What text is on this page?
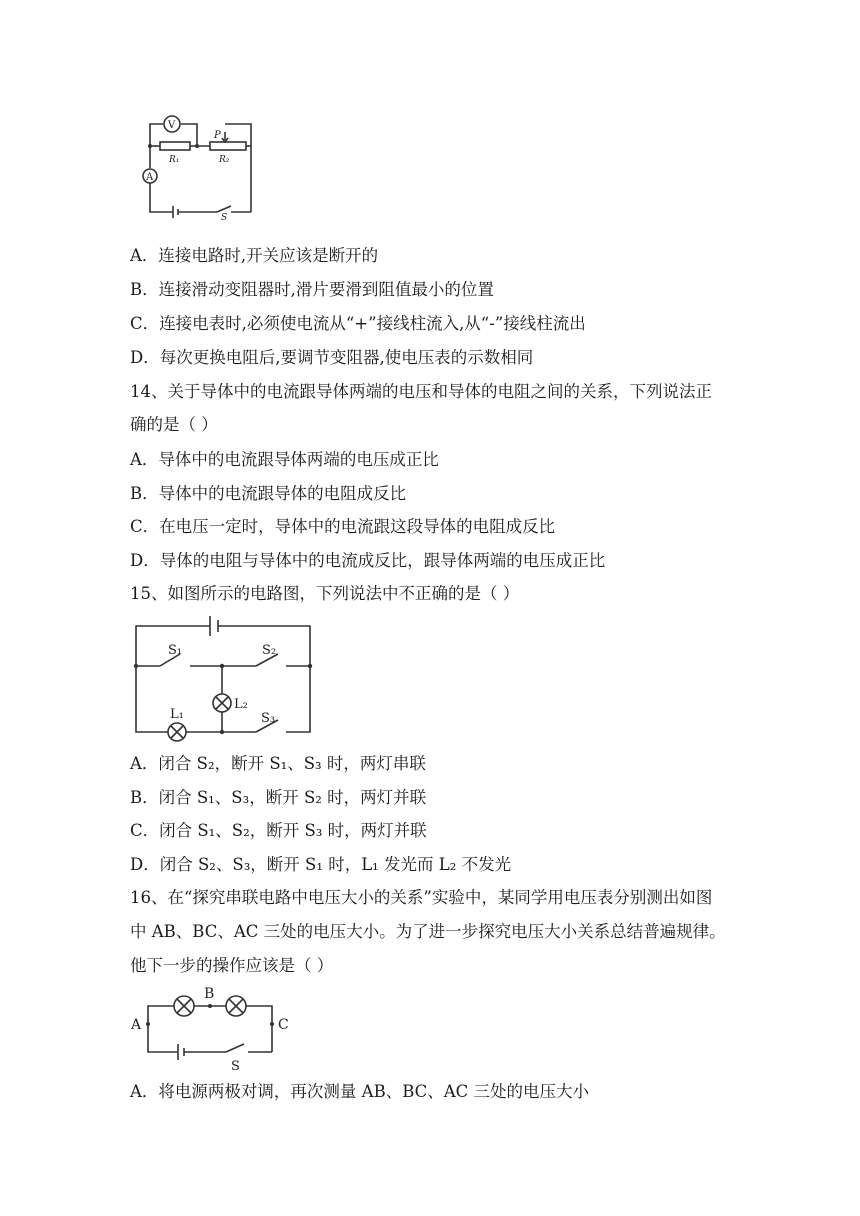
V
P
R₁	R₂
A
S
A．连接电路时,开关应该是断开的
B．连接滑动变阻器时,滑片要滑到阻值最小的位置
C．连接电表时,必须使电流从“+”接线柱流入,从“-”接线柱流出
D．每次更换电阻后,要调节变阻器,使电压表的示数相同
14、关于导体中的电流跟导体两端的电压和导体的电阻之间的关系，下列说法正
确的是（ ）
A．导体中的电流跟导体两端的电压成正比
B．导体中的电流跟导体的电阻成反比
C．在电压一定时，导体中的电流跟这段导体的电阻成反比
D．导体的电阻与导体中的电流成反比，跟导体两端的电压成正比
15、如图所示的电路图，下列说法中不正确的是（ ）
S₁	S₂
L₂
L₁	S₃
A．闭合 S₂，断开 S₁、S₃ 时，两灯串联
B．闭合 S₁、S₃，断开 S₂ 时，两灯并联
C．闭合 S₁、S₂，断开 S₃ 时，两灯并联
D．闭合 S₂、S₃，断开 S₁ 时，L₁ 发光而 L₂ 不发光
16、在“探究串联电路中电压大小的关系”实验中，某同学用电压表分别测出如图
中 AB、BC、AC 三处的电压大小。为了进一步探究电压大小关系总结普遍规律。
他下一步的操作应该是（ ）
B
A	C
S
A．将电源两极对调，再次测量 AB、BC、AC 三处的电压大小
